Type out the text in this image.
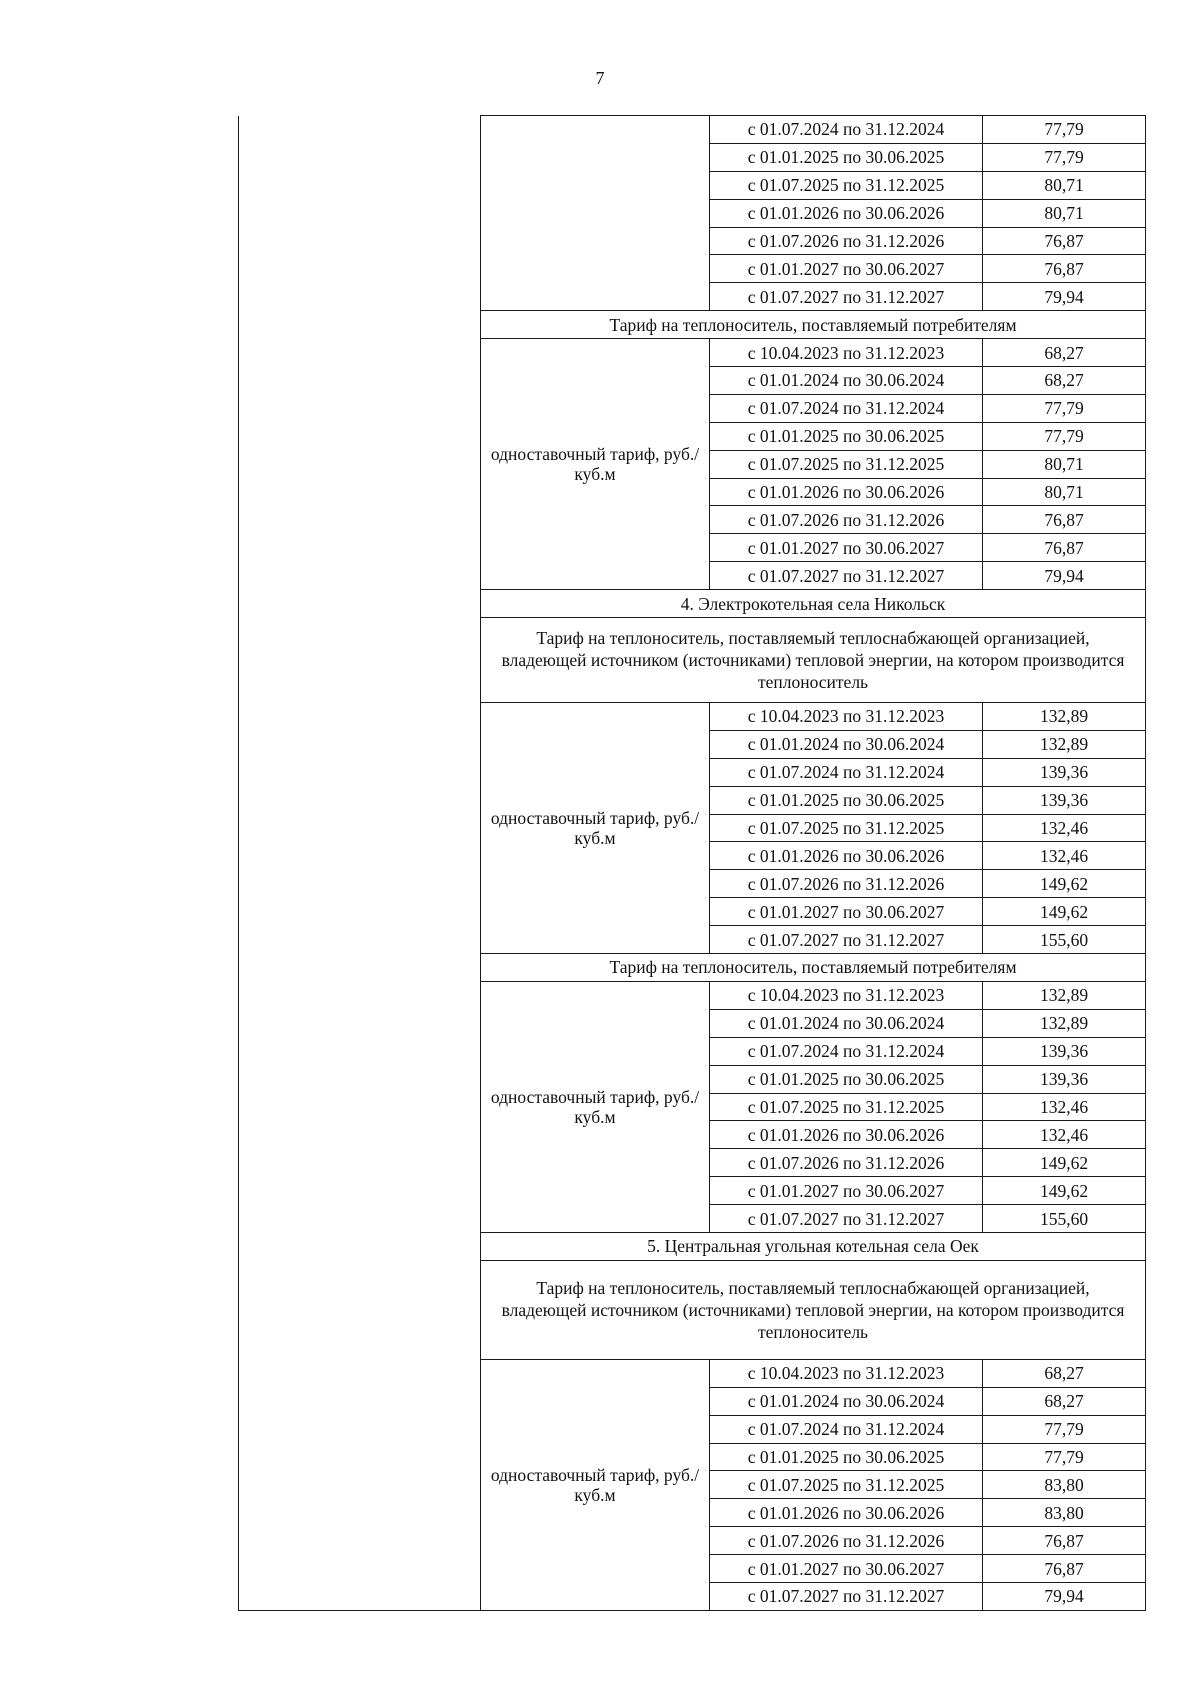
7
		с 01.07.2024 по 31.12.2024	77,79
		с 01.01.2025 по 30.06.2025	77,79
		с 01.07.2025 по 31.12.2025	80,71
		с 01.01.2026 по 30.06.2026	80,71
		с 01.07.2026 по 31.12.2026	76,87
		с 01.01.2027 по 30.06.2027	76,87
		с 01.07.2027 по 31.12.2027	79,94
	Тариф на теплоноситель, поставляемый потребителям		
	одноставочный тариф, руб./куб.м	с 10.04.2023 по 31.12.2023	68,27
		с 01.01.2024 по 30.06.2024	68,27
		с 01.07.2024 по 31.12.2024	77,79
		с 01.01.2025 по 30.06.2025	77,79
		с 01.07.2025 по 31.12.2025	80,71
		с 01.01.2026 по 30.06.2026	80,71
		с 01.07.2026 по 31.12.2026	76,87
		с 01.01.2027 по 30.06.2027	76,87
		с 01.07.2027 по 31.12.2027	79,94
	4. Электрокотельная села Никольск		
	Тариф на теплоноситель, поставляемый теплоснабжающей организацией, владеющей источником (источниками) тепловой энергии, на котором производится теплоноситель		
	одноставочный тариф, руб./куб.м	с 10.04.2023 по 31.12.2023	132,89
		с 01.01.2024 по 30.06.2024	132,89
		с 01.07.2024 по 31.12.2024	139,36
		с 01.01.2025 по 30.06.2025	139,36
		с 01.07.2025 по 31.12.2025	132,46
		с 01.01.2026 по 30.06.2026	132,46
		с 01.07.2026 по 31.12.2026	149,62
		с 01.01.2027 по 30.06.2027	149,62
		с 01.07.2027 по 31.12.2027	155,60
	Тариф на теплоноситель, поставляемый потребителям		
	одноставочный тариф, руб./куб.м	с 10.04.2023 по 31.12.2023	132,89
		с 01.01.2024 по 30.06.2024	132,89
		с 01.07.2024 по 31.12.2024	139,36
		с 01.01.2025 по 30.06.2025	139,36
		с 01.07.2025 по 31.12.2025	132,46
		с 01.01.2026 по 30.06.2026	132,46
		с 01.07.2026 по 31.12.2026	149,62
		с 01.01.2027 по 30.06.2027	149,62
		с 01.07.2027 по 31.12.2027	155,60
	5. Центральная угольная котельная села Оек		
	Тариф на теплоноситель, поставляемый теплоснабжающей организацией, владеющей источником (источниками) тепловой энергии, на котором производится теплоноситель		
	одноставочный тариф, руб./куб.м	с 10.04.2023 по 31.12.2023	68,27
		с 01.01.2024 по 30.06.2024	68,27
		с 01.07.2024 по 31.12.2024	77,79
		с 01.01.2025 по 30.06.2025	77,79
		с 01.07.2025 по 31.12.2025	83,80
		с 01.01.2026 по 30.06.2026	83,80
		с 01.07.2026 по 31.12.2026	76,87
		с 01.01.2027 по 30.06.2027	76,87
		с 01.07.2027 по 31.12.2027	79,94
